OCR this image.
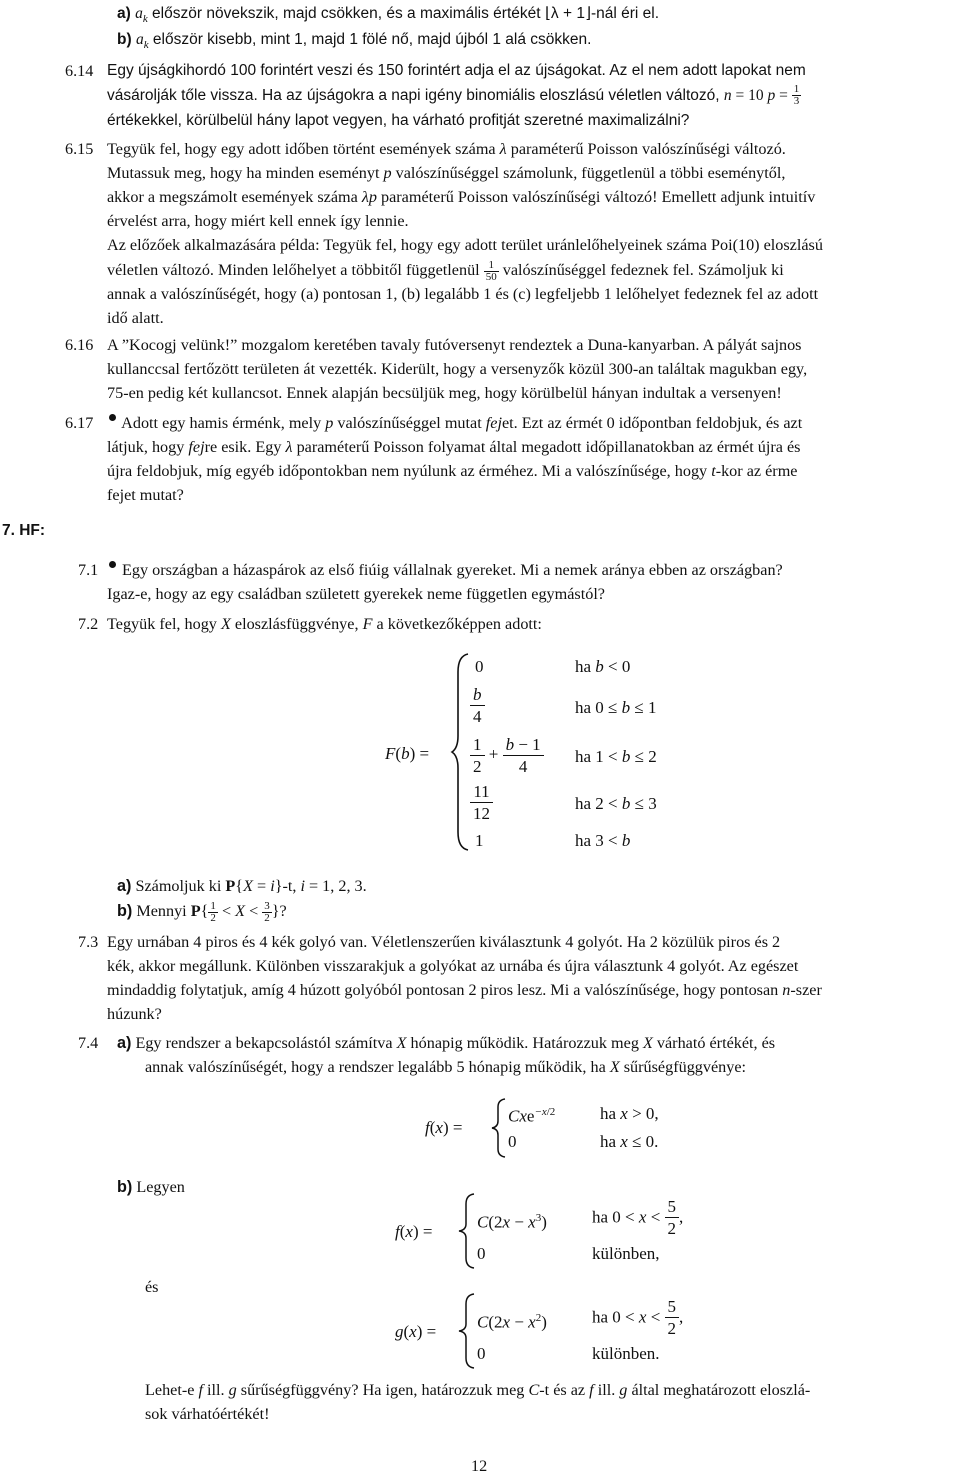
a) $a_k$ először növekszik, majd csökken, és a maximális értékét ⌊λ + 1⌋-nál éri el.
b) $a_k$ először kisebb, mint 1, majd 1 fölé nő, majd újból 1 alá csökken.
6.14 Egy újságkihordó 100 forintért veszi és 150 forintért adja el az újságokat. Az el nem adott lapokat nem
vásárolják tőle vissza. Ha az újságokra a napi igény binomiális eloszlású véletlen változó, n = 10 $p = \frac{1}{3}$
értékekkel, körülbelül hány lapot vegyen, ha várható profitját szeretné maximalizálni?
6.15 Tegyük fel, hogy egy adott időben történt események száma λ paraméterű Poisson valószínűségi változó.
Mutassuk meg, hogy ha minden eseményt p valószínűséggel számolunk, függetlenül a többi eseménytől,
akkor a megszámolt események száma λp paraméterű Poisson valószínűségi változó! Emellett adjunk intuitív
érvelést arra, hogy miért kell ennek így lennie.
Az előzőek alkalmazására példa: Tegyük fel, hogy egy adott terület uránlelőhelyeinek száma Poi(10) eloszlású
véletlen változó. Minden lelőhelyet a többitől függetlenül $\frac{1}{50}$ valószínűséggel fedeznek fel. Számoljuk ki
annak a valószínűségét, hogy (a) pontosan 1, (b) legalább 1 és (c) legfeljebb 1 lelőhelyet fedeznek fel az adott
idő alatt.
6.16 A ”Kocogj velünk!” mozgalom keretében tavaly futóversenyt rendeztek a Duna-kanyarban. A pályát sajnos
kullanccsal fertőzött területen át vezették. Kiderült, hogy a versenyzők közül 300-an találtak magukban egy,
75-en pedig két kullancsot. Ennek alapján becsüljük meg, hogy körülbelül hányan indultak a versenyen!
6.17	Adott egy hamis érménk, mely p valószínűséggel mutat fejet. Ezt az érmét 0 időpontban feldobjuk, és azt
látjuk, hogy fejre esik. Egy λ paraméterű Poisson folyamat által megadott időpillanatokban az érmét újra és
újra feldobjuk, míg egyéb időpontokban nem nyúlunk az érméhez. Mi a valószínűsége, hogy t-kor az érme
fejet mutat?
7. HF:
7.1	Egy országban a házaspárok az első fiúig vállalnak gyereket. Mi a nemek aránya ebben az országban?
Igaz-e, hogy az egy családban született gyerekek neme független egymástól?
7.2 Tegyük fel, hogy X eloszlásfüggvénye, F a következőképpen adott:
F(b) =
0	ha b < 0
$\frac{b}{4}$	ha 0 ≤ b ≤ 1
$\frac{1}{2} + \frac{b - 1}{4}$ ha 1 < b ≤ 2
$\frac{11}{12}$	ha 2 < b ≤ 3
1	ha 3 < b
a) Számoljuk ki P{X = i}-t, i = 1, 2, 3.
b) Mennyi $P\{ \frac{1}{2} < X < \frac{3}{2}$ }?
7.3 Egy urnában 4 piros és 4 kék golyó van. Véletlenszerűen kiválasztunk 4 golyót. Ha 2 közülük piros és 2
kék, akkor megállunk. Különben visszarakjuk a golyókat az urnába és újra választunk 4 golyót. Az egészet
mindaddig folytatjuk, amíg 4 húzott golyóból pontosan 2 piros lesz. Mi a valószínűsége, hogy pontosan n-szer
húzunk?
7.4 a) Egy rendszer a bekapcsolástól számítva X hónapig működik. Határozzuk meg X várható értékét, és
annak valószínűségét, hogy a rendszer legalább 5 hónapig működik, ha X sűrűségfüggvénye:
f(x) =
Cxe$^{-x/2}$	ha x > 0,
0	ha x ≤ 0.
b) Legyen
f(x) =	$C(2x - x^3)$	ha $0 < x < \frac{5}{2}$ ,
0	különben,
és
$g(x) = C(2x - x^2)$	ha $0 < x < \frac{5}{2}$ ,
0	különben.
Lehet-e f ill. g sűrűségfüggvény? Ha igen, határozzuk meg C-t és az f ill. g által meghatározott eloszlá-
sok várhatóértékét!
12
